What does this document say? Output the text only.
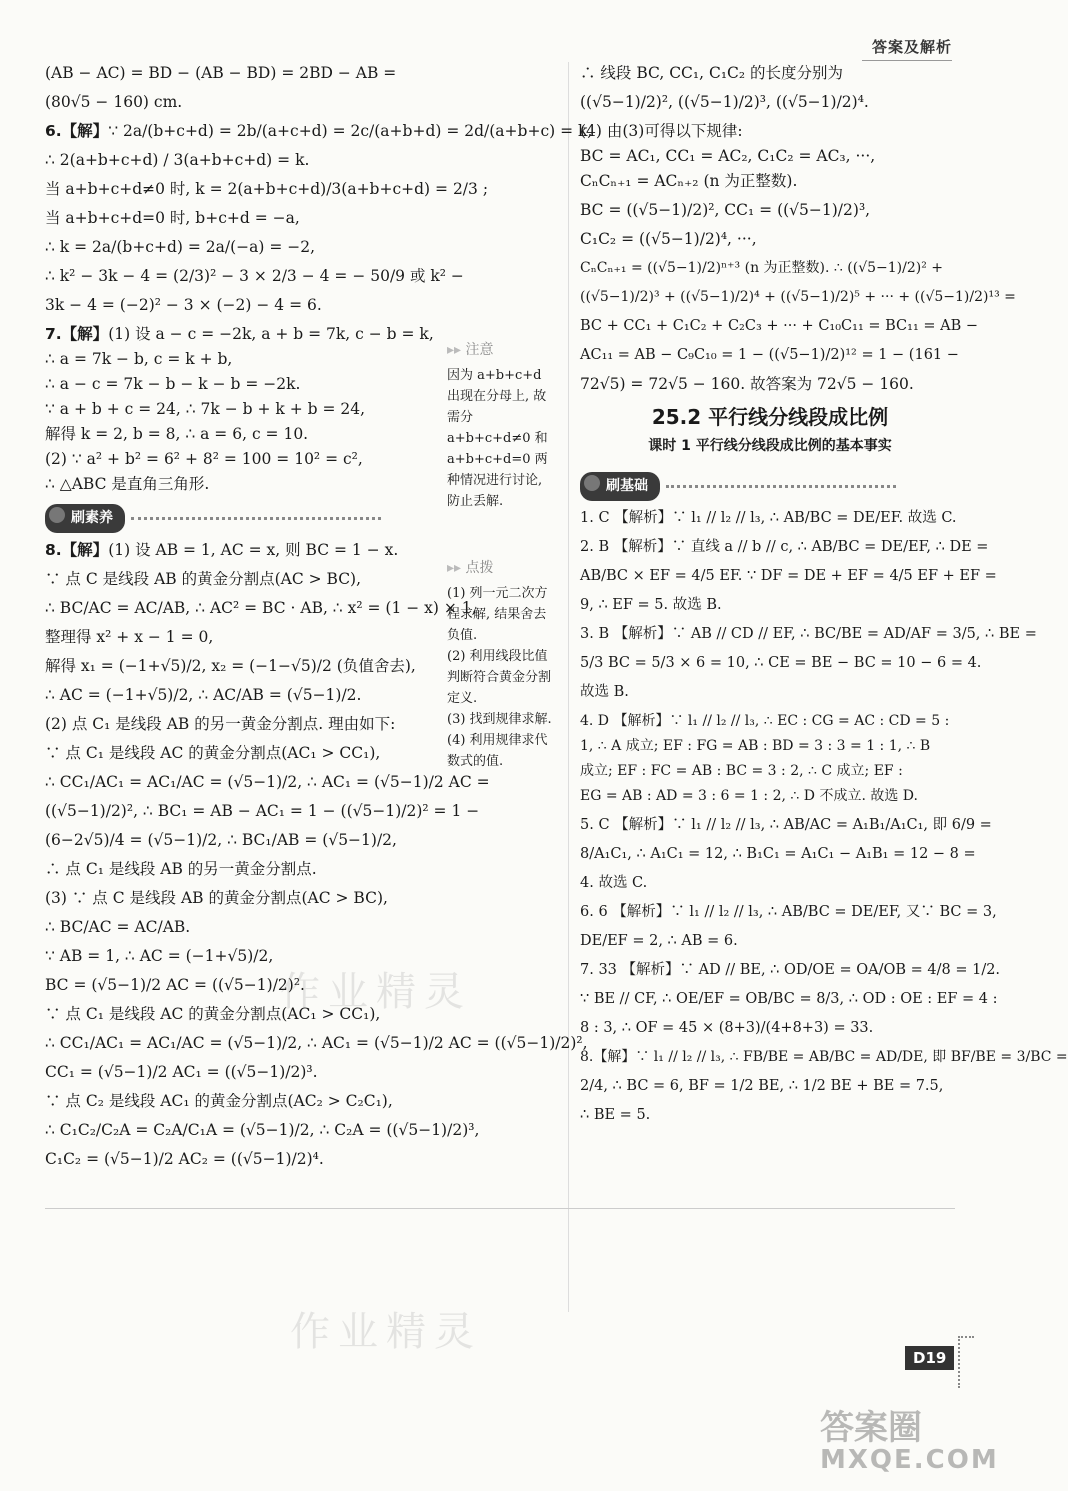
答案及解析
(AB − AC) = BD − (AB − BD) = 2BD − AB =
(80√5 − 160) cm.
6.【解】∵ 2a/(b+c+d) = 2b/(a+c+d) = 2c/(a+b+d) = 2d/(a+b+c) = k,
∴ 2(a+b+c+d) / 3(a+b+c+d) = k.
当 a+b+c+d≠0 时, k = 2(a+b+c+d)/3(a+b+c+d) = 2/3 ;
当 a+b+c+d=0 时, b+c+d = −a,
∴ k = 2a/(b+c+d) = 2a/(−a) = −2,
∴ k² − 3k − 4 = (2/3)² − 3 × 2/3 − 4 = − 50/9 或 k² −
3k − 4 = (−2)² − 3 × (−2) − 4 = 6.
7.【解】(1) 设 a − c = −2k, a + b = 7k, c − b = k,
∴ a = 7k − b, c = k + b,
∴ a − c = 7k − b − k − b = −2k.
∵ a + b + c = 24, ∴ 7k − b + k + b = 24,
解得 k = 2, b = 8, ∴ a = 6, c = 10.
(2) ∵ a² + b² = 6² + 8² = 100 = 10² = c²,
∴ △ABC 是直角三角形.
刷素养
8.【解】(1) 设 AB = 1, AC = x, 则 BC = 1 − x.
∵ 点 C 是线段 AB 的黄金分割点(AC > BC),
∴ BC/AC = AC/AB, ∴ AC² = BC · AB, ∴ x² = (1 − x) × 1,
整理得 x² + x − 1 = 0,
解得 x₁ = (−1+√5)/2, x₂ = (−1−√5)/2 (负值舍去),
∴ AC = (−1+√5)/2, ∴ AC/AB = (√5−1)/2.
(2) 点 C₁ 是线段 AB 的另一黄金分割点. 理由如下:
∵ 点 C₁ 是线段 AC 的黄金分割点(AC₁ > CC₁),
∴ CC₁/AC₁ = AC₁/AC = (√5−1)/2, ∴ AC₁ = (√5−1)/2 AC =
((√5−1)/2)², ∴ BC₁ = AB − AC₁ = 1 − ((√5−1)/2)² = 1 −
(6−2√5)/4 = (√5−1)/2, ∴ BC₁/AB = (√5−1)/2,
∴ 点 C₁ 是线段 AB 的另一黄金分割点.
(3) ∵ 点 C 是线段 AB 的黄金分割点(AC > BC),
∴ BC/AC = AC/AB.
∵ AB = 1, ∴ AC = (−1+√5)/2,
BC = (√5−1)/2 AC = ((√5−1)/2)².
∵ 点 C₁ 是线段 AC 的黄金分割点(AC₁ > CC₁),
∴ CC₁/AC₁ = AC₁/AC = (√5−1)/2, ∴ AC₁ = (√5−1)/2 AC = ((√5−1)/2)²,
CC₁ = (√5−1)/2 AC₁ = ((√5−1)/2)³.
∵ 点 C₂ 是线段 AC₁ 的黄金分割点(AC₂ > C₂C₁),
∴ C₁C₂/C₂A = C₂A/C₁A = (√5−1)/2, ∴ C₂A = ((√5−1)/2)³,
C₁C₂ = (√5−1)/2 AC₂ = ((√5−1)/2)⁴.
▸▸ 注意
因为 a+b+c+d 出现在分母上, 故需分 a+b+c+d≠0 和 a+b+c+d=0 两种情况进行讨论, 防止丢解.
▸▸ 点拨
(1) 列一元二次方程求解, 结果舍去负值.
(2) 利用线段比值判断符合黄金分割定义.
(3) 找到规律求解.
(4) 利用规律求代数式的值.
∴ 线段 BC, CC₁, C₁C₂ 的长度分别为
((√5−1)/2)², ((√5−1)/2)³, ((√5−1)/2)⁴.
(4) 由(3)可得以下规律:
BC = AC₁, CC₁ = AC₂, C₁C₂ = AC₃, ···,
CₙCₙ₊₁ = ACₙ₊₂ (n 为正整数).
BC = ((√5−1)/2)², CC₁ = ((√5−1)/2)³,
C₁C₂ = ((√5−1)/2)⁴, ···,
CₙCₙ₊₁ = ((√5−1)/2)ⁿ⁺³ (n 为正整数). ∴ ((√5−1)/2)² +
((√5−1)/2)³ + ((√5−1)/2)⁴ + ((√5−1)/2)⁵ + ··· + ((√5−1)/2)¹³ =
BC + CC₁ + C₁C₂ + C₂C₃ + ··· + C₁₀C₁₁ = BC₁₁ = AB −
AC₁₁ = AB − C₉C₁₀ = 1 − ((√5−1)/2)¹² = 1 − (161 −
72√5) = 72√5 − 160. 故答案为 72√5 − 160.
25.2 平行线分线段成比例
课时 1 平行线分线段成比例的基本事实
刷基础
1. C 【解析】∵ l₁ // l₂ // l₃, ∴ AB/BC = DE/EF. 故选 C.
2. B 【解析】∵ 直线 a // b // c, ∴ AB/BC = DE/EF, ∴ DE =
AB/BC × EF = 4/5 EF. ∵ DF = DE + EF = 4/5 EF + EF =
9, ∴ EF = 5. 故选 B.
3. B 【解析】∵ AB // CD // EF, ∴ BC/BE = AD/AF = 3/5, ∴ BE =
5/3 BC = 5/3 × 6 = 10, ∴ CE = BE − BC = 10 − 6 = 4.
故选 B.
4. D 【解析】∵ l₁ // l₂ // l₃, ∴ EC : CG = AC : CD = 5 :
1, ∴ A 成立; EF : FG = AB : BD = 3 : 3 = 1 : 1, ∴ B
成立; EF : FC = AB : BC = 3 : 2, ∴ C 成立; EF :
EG = AB : AD = 3 : 6 = 1 : 2, ∴ D 不成立. 故选 D.
5. C 【解析】∵ l₁ // l₂ // l₃, ∴ AB/AC = A₁B₁/A₁C₁, 即 6/9 =
8/A₁C₁, ∴ A₁C₁ = 12, ∴ B₁C₁ = A₁C₁ − A₁B₁ = 12 − 8 =
4. 故选 C.
6. 6 【解析】∵ l₁ // l₂ // l₃, ∴ AB/BC = DE/EF, 又∵ BC = 3,
DE/EF = 2, ∴ AB = 6.
7. 33 【解析】∵ AD // BE, ∴ OD/OE = OA/OB = 4/8 = 1/2.
∵ BE // CF, ∴ OE/EF = OB/BC = 8/3, ∴ OD : OE : EF = 4 :
8 : 3, ∴ OF = 45 × (8+3)/(4+8+3) = 33.
8.【解】∵ l₁ // l₂ // l₃, ∴ FB/BE = AB/BC = AD/DE, 即 BF/BE = 3/BC =
2/4, ∴ BC = 6, BF = 1/2 BE, ∴ 1/2 BE + BE = 7.5,
∴ BE = 5.
作业精灵
作业精灵
答案圈
MXQE.COM
D19
